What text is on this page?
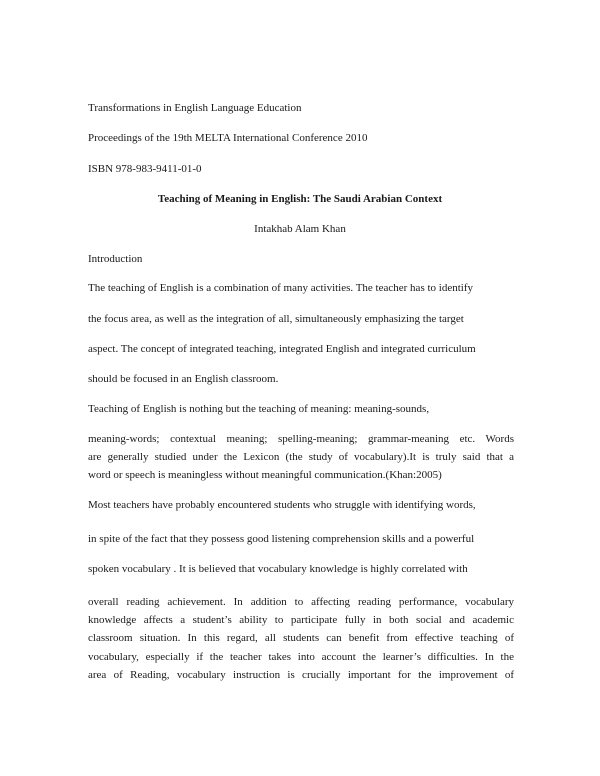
Transformations in English Language Education
Proceedings of the 19th MELTA International Conference 2010
ISBN 978-983-9411-01-0
Teaching of Meaning in English: The Saudi Arabian Context
Intakhab Alam Khan
Introduction
The teaching of English is a combination of many activities. The teacher has to identify
the focus area, as well as the integration of all, simultaneously emphasizing the target
aspect. The concept of integrated teaching, integrated English and integrated curriculum
should be focused in an English classroom.
Teaching of English is nothing but the teaching of meaning: meaning-sounds,
meaning-words; contextual meaning; spelling-meaning; grammar-meaning etc. Words
are generally studied under the Lexicon (the study of vocabulary).It is truly said that a
word or speech is meaningless without meaningful communication.(Khan:2005)
Most teachers have probably encountered students who struggle with identifying words,
in spite of the fact that they possess good listening comprehension skills and a powerful
spoken vocabulary . It is believed that vocabulary knowledge is highly correlated with
overall reading achievement. In addition to affecting reading performance, vocabulary
knowledge affects a student’s ability to participate fully in both social and academic
classroom situation. In this regard, all students can benefit from effective teaching of
vocabulary, especially if the teacher takes into account the learner’s difficulties. In the
area of Reading, vocabulary instruction is crucially important for the improvement of
